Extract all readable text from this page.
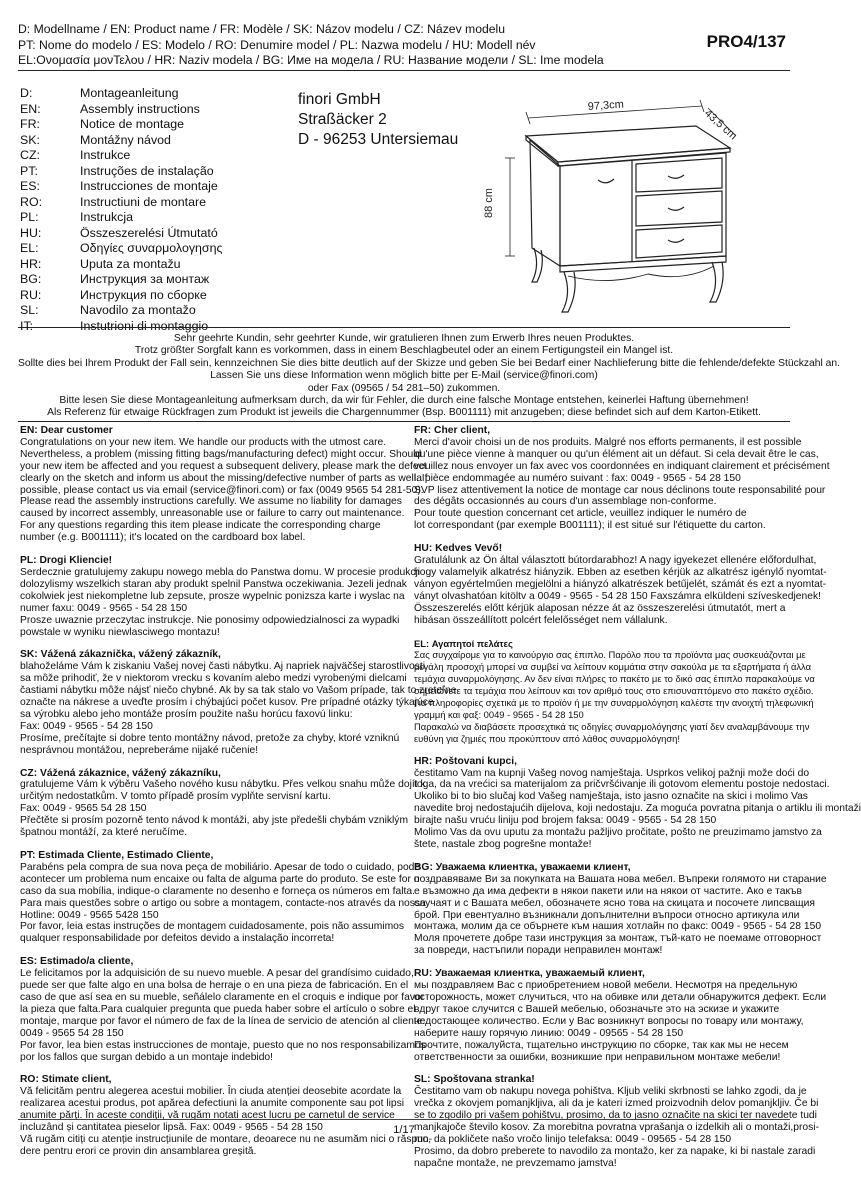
D: Modellname / EN: Product name / FR: Modèle / SK: Názov modelu / CZ: Název modelu
PT: Nome do modelo / ES: Modelo / RO: Denumire model / PL: Nazwa modelu / HU: Modell név
EL:Ονομασία μονΤελου / HR: Naziv modela / BG: Име на модела / RU: Название модели / SL: Ime modela
PRO4/137
D:	Montageanleitung
EN:	Assembly instructions
FR:	Notice de montage
SK:	Montážny návod
CZ:	Instrukce
PT:	Instruções de instalação
ES:	Instrucciones de montaje
RO:	Instructiuni de montare
PL:	Instrukcja
HU:	Összeszerelési Útmutató
EL:	Οδηγίες συναρμολογησης
HR:	Uputa za montažu
BG:	Инструкция за монтаж
RU:	Инструкция по сборке
SL:	Navodilo za montažo
IT:	Instutrioni di montaggio
finori GmbH
Straßäcker 2
D - 96253 Untersiemau
97,3cm
43,5 cm
88 cm
Sehr geehrte Kundin, sehr geehrter Kunde, wir gratulieren Ihnen zum Erwerb Ihres neuen Produktes.
Trotz größter Sorgfalt kann es vorkommen, dass in einem Beschlagbeutel oder an einem Fertigungsteil ein Mangel ist.
Sollte dies bei Ihrem Produkt der Fall sein, kennzeichnen Sie dies bitte deutlich auf der Skizze und geben Sie bei Bedarf einer Nachlieferung bitte die fehlende/defekte Stückzahl an.
Lassen Sie uns diese Information wenn möglich bitte per E-Mail (service@finori.com)
oder Fax (09565 / 54 281–50) zukommen.
Bitte lesen Sie diese Montageanleitung aufmerksam durch, da wir für Fehler, die durch eine falsche Montage entstehen, keinerlei Haftung übernehmen!
Als Referenz für etwaige Rückfragen zum Produkt ist jeweils die Chargennummer (Bsp. B001111) mit anzugeben; diese befindet sich auf dem Karton-Etikett.
EN: Dear customer
Congratulations on your new item. We handle our products with the utmost care.
Nevertheless, a problem (missing fitting bags/manufacturing defect) might occur. Should
your new item be affected and you request a subsequent delivery, please mark the defect
clearly on the sketch and inform us about the missing/defective number of parts as well. If
possible, please contact us via email (service@finori.com) or fax (0049 9565 54 281-50).
Please read the assembly instructions carefully. We assume no liability for damages
caused by incorrect assembly, unreasonable use or failure to carry out maintenance.
For any questions regarding this item please indicate the corresponding charge
number (e.g. B001111); it's located on the cardboard box label.
PL: Drogi Kliencie!
Serdecznie gratulujemy zakupu nowego mebla do Panstwa domu. W procesie produkcji
dolozylismy wszelkich staran aby produkt spelnil Panstwa oczekiwania. Jezeli jednak
cokolwiek jest niekompletne lub zepsute, prosze wypelnic ponizsza karte i wyslac na
numer faxu: 0049 - 9565 - 54 28 150
Prosze uwaznie przeczytac instrukcje. Nie ponosimy odpowiedzialnosci za wypadki
powstale w wyniku niewlasciwego montazu!
SK: Vážená zákaznička, vážený zákazník,
blahoželáme Vám k ziskaniu Vašej novej časti nábytku. Aj napriek najväčšej starostlivosti
sa môže prihodiť, že v niektorom vrecku s kovaním alebo medzi vyrobenými dielcami
častiami nábytku môže nájsť niečo chybné. Ak by sa tak stalo vo Vašom prípade, tak to zreteľne
označte na nákrese a uveďte prosím i chýbajúci počet kusov. Pre prípadné otázky týkajúce
sa výrobku alebo jeho montáže prosím použite našu horúcu faxovú linku:
Fax: 0049 - 9565 - 54 28 150
Prosíme, prečítajte si dobre tento montážny návod, pretože za chyby, ktoré vzniknú
nesprávnou montážou, nepreberáme nijaké ručenie!
CZ: Vážená zákaznice, vážený zákazníku,
gratulujeme Vám k výběru Vašeho nového kusu nábytku. Přes velkou snahu může dojít k
určitým nedostatkům. V tomto případě prosím vyplňte servisní kartu.
Fax: 0049 - 9565 54 28 150
Přečtěte si prosím pozorně tento návod k montáži, aby jste předešli chybám vzniklým
špatnou montáží, za které neručíme.
PT: Estimada Cliente, Estimado Cliente,
Parabéns pela compra de sua nova peça de mobiliário. Apesar de todo o cuidado, pode
acontecer um problema num encaixe ou falta de alguma parte do produto. Se este for o
caso da sua mobília, indique-o claramente no desenho e forneça os números em falta.
Para mais questões sobre o artigo ou sobre a montagem, contacte-nos através da nossa
Hotline: 0049 - 9565 5428 150
Por favor, leia estas instruções de montagem cuidadosamente, pois não assumimos
qualquer responsabilidade por defeitos devido a instalação incorreta!
ES: Estimado/a cliente,
Le felicitamos por la adquisición de su nuevo mueble. A pesar del grandísimo cuidado,
puede ser que falte algo en una bolsa de herraje o en una pieza de fabricación. En el
caso de que así sea en su mueble, señálelo claramente en el croquis e indique por favor
la pieza que falta.Para cualquier pregunta que pueda haber sobre el artículo o sobre el
montaje, marque por favor el número de fax de la línea de servicio de atención al cliente:
0049 - 9565 54 28 150
Por favor, lea bien estas instrucciones de montaje, puesto que no nos responsabilizamos
por los fallos que surgan debido a un montaje indebido!
RO: Stimate client,
Vă felicităm pentru alegerea acestui mobilier. În ciuda atenției deosebite acordate la
realizarea acestui produs, pot apărea defectiuni la anumite componente sau pot lipsi
anumite părți. În aceste condiții, vă rugăm notati acest lucru pe carnetul de service
incluzând și cantitatea pieselor lipsă. Fax: 0049 - 9565 - 54 28 150
Vă rugăm citiți cu atenție instrucțiunile de montare, deoarece nu ne asumăm nici o răspun-
dere pentru erori ce provin din ansamblarea greșită.
FR: Cher client,
Merci d'avoir choisi un de nos produits. Malgré nos efforts permanents, il est possible
qu'une pièce vienne à manquer ou qu'un élément ait un défaut. Si cela devait être le cas,
veuillez nous envoyer un fax avec vos coordonnées en indiquant clairement et précisément
la pièce endommagée au numéro suivant : fax: 0049 - 9565 - 54 28 150
SVP lisez attentivement la notice de montage car nous déclinons toute responsabilité pour
des dégâts occasionnés au cours d'un assemblage non-conforme.
Pour toute question concernant cet article, veuillez indiquer le numéro de
lot correspondant (par exemple B001111); il est situé sur l'étiquette du carton.
HU: Kedves Vevő!
Gratulálunk az Ön által választott bútordarabhoz! A nagy igyekezet ellenére előfordulhat,
hogy valamelyik alkatrész hiányzik. Ebben az esetben kérjük az alkatrész igénylő nyomtat-
ványon egyértelműen megjelölni a hiányzó alkatrészek betűjelét, számát és ezt a nyomtat-
ványt olvashatóan kitöltv a 0049 - 9565 - 54 28 150 Faxszámra elküldeni szíveskedjenek!
Összeszerelés előtt kérjük alaposan nézze át az összeszerelési útmutatót, mert a
hibásan összeállított polcért felelősséget nem vállalunk.
EL: Αγαπητοί πελάτες
Σας συγχαίρομε για το καινούργιο σας έπιπλο. Παρόλο που τα προϊόντα μας συσκευάζονται με
μεγάλη προσοχή μπορεί να συμβεί να λείπουν κομμάτια στην σακούλα με τα εξαρτήματα ή άλλα
τεμάχια συναρμολόγησης. Αν δεν είναι πλήρες το πακέτο με το δικό σας έπιπλο παρακαλούμε να
σημειώνετε τα τεμάχια που λείπουν και τον αριθμό τους στο επισυναπτόμενο στο πακέτο σχέδιο.
Για πληροφορίες σχετικά με το προϊόν ή με την συναρμολόγηση καλέστε την ανοιχτή τηλεφωνική
γραμμή και φαξ: 0049 - 9565 - 54 28 150
Παρακαλώ να διαβάσετε προσεχτικά τις οδηγίες συναρμολόγησης γιατί δεν αναλαμβάνουμε την
ευθύνη για ζημιές που προκύπτουν από λάθος συναρμολόγηση!
HR: Poštovani kupci,
čestitamo Vam na kupnji Vašeg novog namještaja. Usprkos velikoj pažnji može doći do
toga, da na vrećici sa materijalom za pričvršćivanje ili gotovom elementu postoje nedostaci.
Ukoliko bi to bio slučaj kod Vašeg namještaja, isto jasno označite na skici i molimo Vas
navedite broj nedostajućih dijelova, koji nedostaju. Za moguća povratna pitanja o artiklu ili montaži
birajte našu vruću liniju pod brojem faksa: 0049 - 9565 - 54 28 150
Molimo Vas da ovu uputu za montažu pažljivo pročitate, pošto ne preuzimamo jamstvo za
štete, nastale zbog pogrešne montaže!
BG: Уважаема клиентка, уважаеми клиент,
поздравяваме Ви за покупката на Вашата нова мебел. Въпреки голямото ни старание
е възможно да има дефекти в някои пакети или на някои от частите. Ако е такъв
случаят и с Вашата мебел, обозначете ясно това на скицата и посочете липсващия
брой. При евентуално възникнали допълнителни въпроси относно артикула или
монтажа, молим да се обърнете към нашия хотлайн по факс: 0049 - 9565 - 54 28 150
Моля прочетете добре тази инструкция за монтаж, тъй-като не поемаме отговорност
за повреди, настъпили поради неправилен монтаж!
RU: Уважаемая клиентка, уважаемый клиент,
мы поздравляем Вас с приобретением новой мебели. Несмотря на предельную
осторожность, может случиться, что на обивке или детали обнаружится дефект. Если
вдруг такое случится с Вашей мебелью, обозначьте это на эскизе и укажите
недостающее количество. Если у Вас возникнут вопросы по товару или монтажу,
наберите нашу горячую линию: 0049 - 09565 - 54 28 150
Прочтите, пожалуйста, тщательно инструкцию по сборке, так как мы не несем
ответственности за ошибки, возникшие при неправильном монтаже мебели!
SL: Spoštovana stranka!
Čestitamo vam ob nakupu novega pohištva. Kljub veliki skrbnosti se lahko zgodi, da je
vrečka z okovjem pomanjkljiva, ali da je kateri izmed proizvodnih delov pomanjkljiv. Če bi
se to zgodilo pri vašem pohištvu, prosimo, da to jasno označite na skici ter navedete tudi
manjkajoče število kosov. Za morebitna povratna vprašanja o izdelkih ali o montaži,prosi-
mo, da pokličete našo vročo linijo telefaksa: 0049 - 09565 - 54 28 150
Prosimo, da dobro preberete to navodilo za montažo, ker za napake, ki bi nastale zaradi
napačne montaže, ne prevzemamo jamstva!
1/17
